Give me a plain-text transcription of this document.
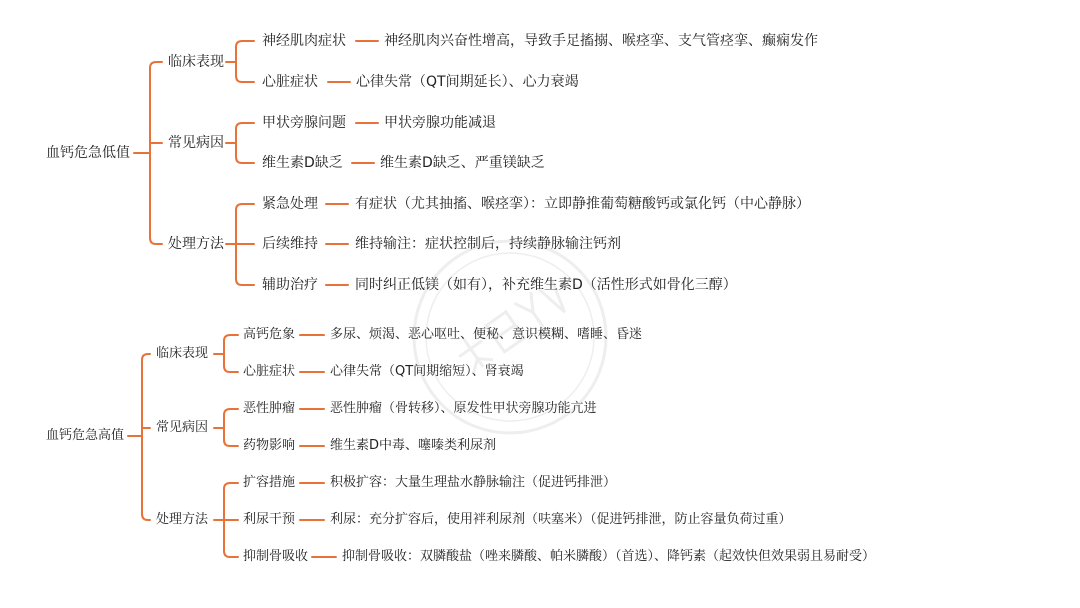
血钙危急低值
临床表现
常见病因
处理方法
神经肌肉症状
心脏症状
甲状旁腺问题
维生素D缺乏
紧急处理
后续维持
辅助治疗
神经肌肉兴奋性增高，导致手足搐搦、喉痉挛、支气管痉挛、癫痫发作
心律失常（QT间期延长）、心力衰竭
甲状旁腺功能减退
维生素D缺乏、严重镁缺乏
有症状（尤其抽搐、喉痉挛）：立即静推葡萄糖酸钙或氯化钙（中心静脉）
维持输注：症状控制后，持续静脉输注钙剂
同时纠正低镁（如有），补充维生素D（活性形式如骨化三醇）
血钙危急高值
临床表现
常见病因
处理方法
高钙危象
心脏症状
恶性肿瘤
药物影响
扩容措施
利尿干预
抑制骨吸收
多尿、烦渴、恶心呕吐、便秘、意识模糊、嗜睡、昏迷
心律失常（QT间期缩短）、肾衰竭
恶性肿瘤（骨转移）、原发性甲状旁腺功能亢进
维生素D中毒、噻嗪类利尿剂
积极扩容：大量生理盐水静脉输注（促进钙排泄）
利尿：充分扩容后，使用袢利尿剂（呋塞米）（促进钙排泄，防止容量负荷过重）
抑制骨吸收：双膦酸盐（唑来膦酸、帕米膦酸）（首选）、降钙素（起效快但效果弱且易耐受）
